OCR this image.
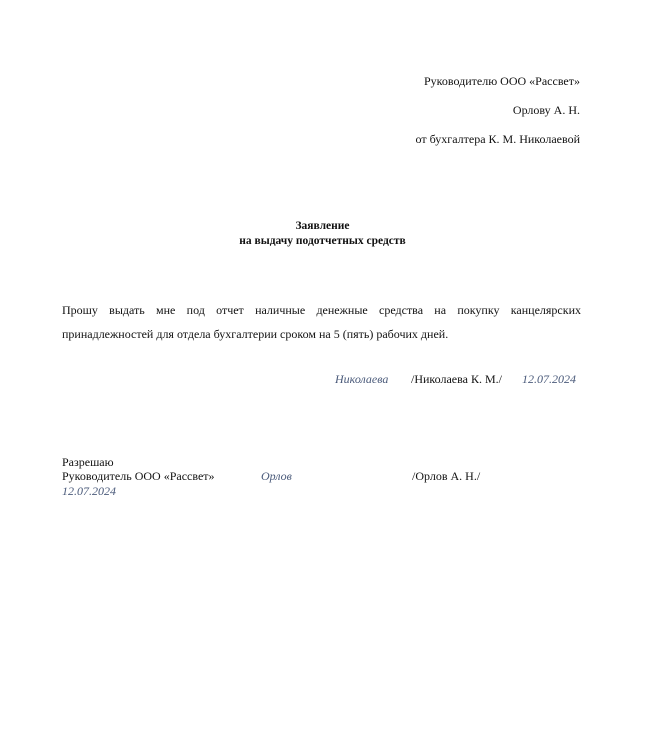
Руководителю ООО «Рассвет»
Орлову А. Н.
от бухгалтера К. М. Николаевой
Заявление
на выдачу подотчетных средств
Прошу выдать мне под отчет наличные денежные средства на покупку канцелярских
принадлежностей для отдела бухгалтерии сроком на 5 (пять) рабочих дней.
Николаева /Николаева К. М./ 12.07.2024
Разрешаю
Руководитель ООО «Рассвет»	Орлов	/Орлов А. Н./
12.07.2024
